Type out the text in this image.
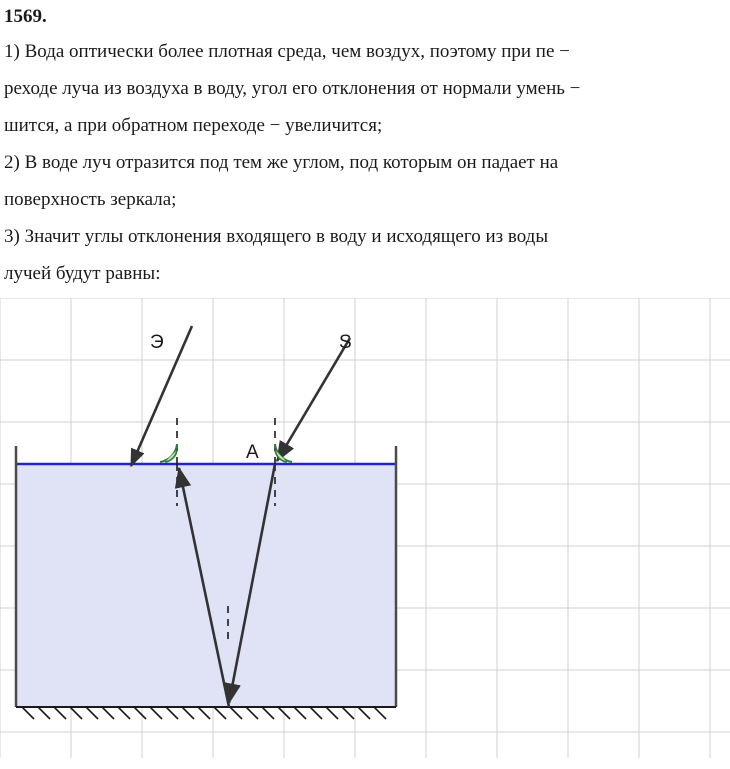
1569.

1) Вода оптически более плотная среда, чем воздух, поэтому при пе −

реходе луча из воздуха в воду, угол его отклонения от нормали умень −

шится, а при обратном переходе − увеличится;

2) В воде луч отразится под тем же углом, под которым он падает на

поверхность зеркала;

3) Значит углы отклонения входящего в воду и исходящего из воды

лучей будут равны:

Э	S
A
